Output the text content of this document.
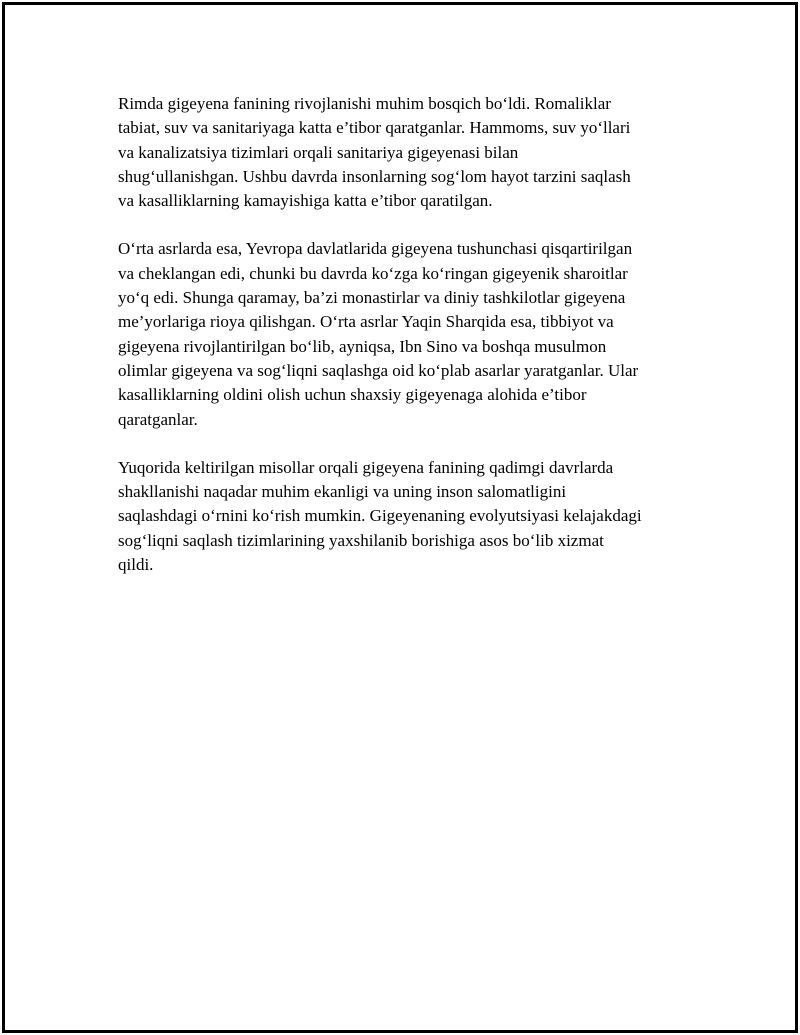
Rimda gigeyena fanining rivojlanishi muhim bosqich bo‘ldi. Romaliklar
tabiat, suv va sanitariyaga katta e’tibor qaratganlar. Hammoms, suv yo‘llari
va kanalizatsiya tizimlari orqali sanitariya gigeyenasi bilan
shug‘ullanishgan. Ushbu davrda insonlarning sog‘lom hayot tarzini saqlash
va kasalliklarning kamayishiga katta e’tibor qaratilgan.

O‘rta asrlarda esa, Yevropa davlatlarida gigeyena tushunchasi qisqartirilgan
va cheklangan edi, chunki bu davrda ko‘zga ko‘ringan gigeyenik sharoitlar
yo‘q edi. Shunga qaramay, ba’zi monastirlar va diniy tashkilotlar gigeyena
me’yorlariga rioya qilishgan. O‘rta asrlar Yaqin Sharqida esa, tibbiyot va
gigeyena rivojlantirilgan bo‘lib, ayniqsa, Ibn Sino va boshqa musulmon
olimlar gigeyena va sog‘liqni saqlashga oid ko‘plab asarlar yaratganlar. Ular
kasalliklarning oldini olish uchun shaxsiy gigeyenaga alohida e’tibor
qaratganlar.

Yuqorida keltirilgan misollar orqali gigeyena fanining qadimgi davrlarda
shakllanishi naqadar muhim ekanligi va uning inson salomatligini
saqlashdagi o‘rnini ko‘rish mumkin. Gigeyenaning evolyutsiyasi kelajakdagi
sog‘liqni saqlash tizimlarining yaxshilanib borishiga asos bo‘lib xizmat
qildi.
